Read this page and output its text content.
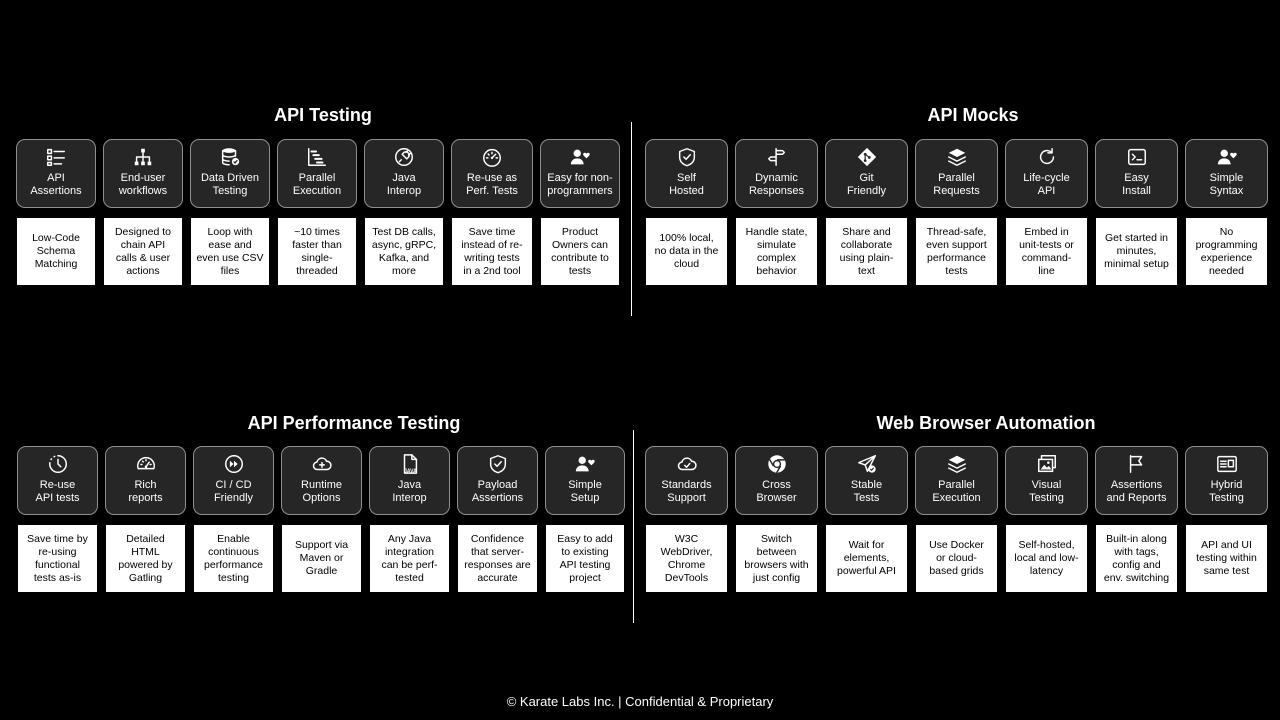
API Testing	API Mocks
API Performance Testing	Web Browser Automation
API
Assertions
Low-Code
Schema
Matching
End-user
workflows
Designed to
chain API
calls & user
actions
Data Driven
Testing
Loop with
ease and
even use CSV
files
Parallel
Execution
~10 times
faster than
single-
threaded
Java
Interop
Test DB calls,
async, gRPC,
Kafka, and
more
Re-use as
Perf. Tests
Save time
instead of re-
writing tests
in a 2nd tool
Easy for non-
programmers
Product
Owners can
contribute to
tests
Self
Hosted
100% local,
no data in the
cloud
Dynamic
Responses
Handle state,
simulate
complex
behavior
Git
Friendly
Share and
collaborate
using plain-
text
Parallel
Requests
Thread-safe,
even support
performance
tests
Life-cycle
API
Embed in
unit-tests or
command-
line
Easy
Install
Get started in
minutes,
minimal setup
Simple
Syntax
No
programming
experience
needed
Re-use
API tests
Save time by
re-using
functional
tests as-is
Rich
reports
Detailed
HTML
powered by
Gatling
CI / CD
Friendly
Enable
continuous
performance
testing
Runtime
Options
Support via
Maven or
Gradle
JAVA
Java
Interop
Any Java
integration
can be perf-
tested
Payload
Assertions
Confidence
that server-
responses are
accurate
Simple
Setup
Easy to add
to existing
API testing
project
Standards
Support
W3C
WebDriver,
Chrome
DevTools
Cross
Browser
Switch
between
browsers with
just config
Stable
Tests
Wait for
elements,
powerful API
Parallel
Execution
Use Docker
or cloud-
based grids
Visual
Testing
Self-hosted,
local and low-
latency
Assertions
and Reports
Built-in along
with tags,
config and
env. switching
Hybrid
Testing
API and UI
testing within
same test
© Karate Labs Inc. | Confidential & Proprietary
